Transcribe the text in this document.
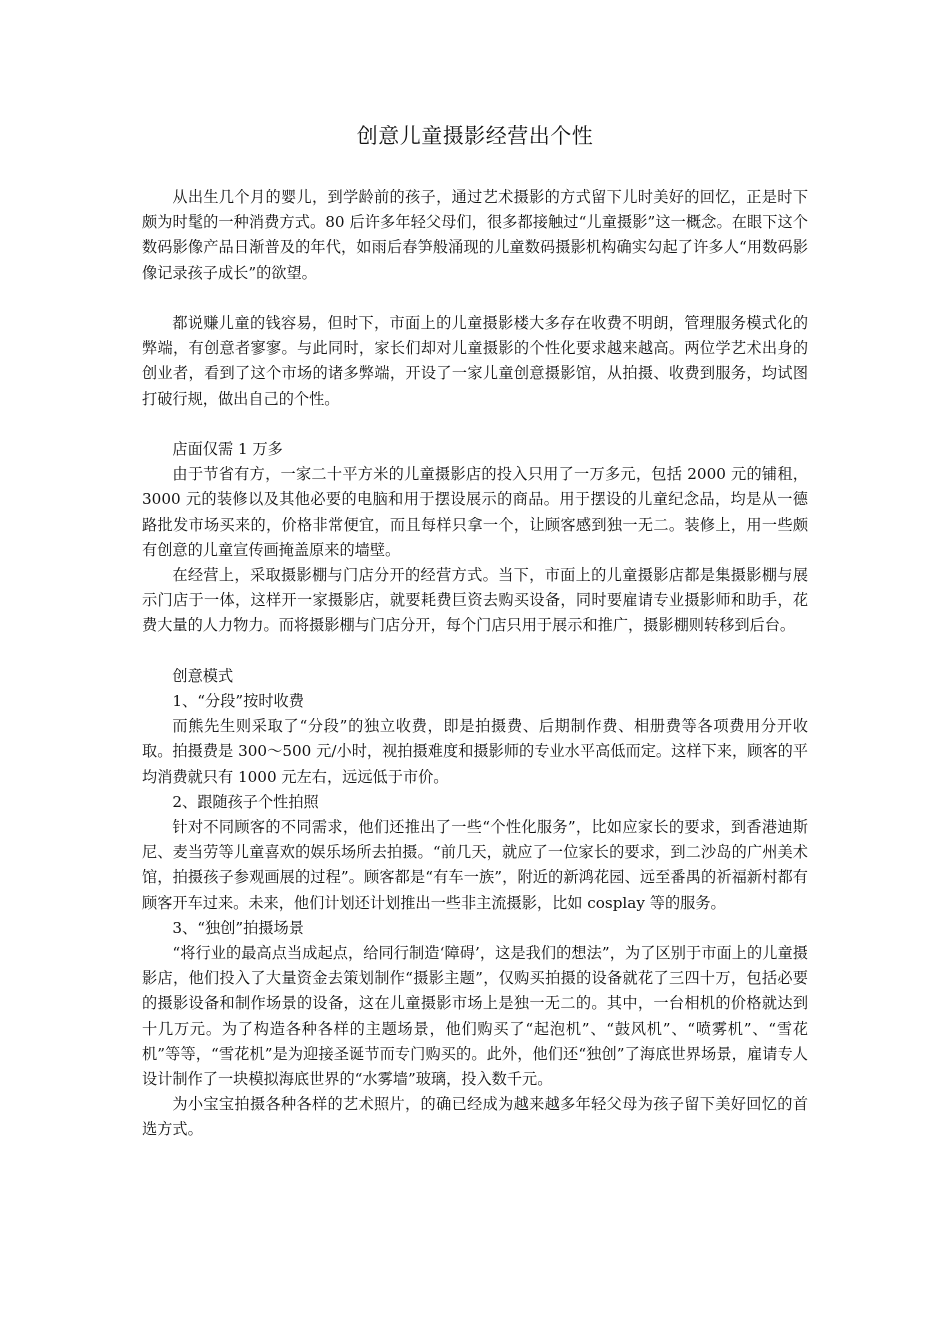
创意儿童摄影经营出个性

从出生几个月的婴儿，到学龄前的孩子，通过艺术摄影的方式留下儿时美好的回忆，正是时下颇为时髦的一种消费方式。80 后许多年轻父母们，很多都接触过“儿童摄影”这一概念。在眼下这个数码影像产品日渐普及的年代，如雨后春笋般涌现的儿童数码摄影机构确实勾起了许多人“用数码影像记录孩子成长”的欲望。

都说赚儿童的钱容易，但时下，市面上的儿童摄影楼大多存在收费不明朗，管理服务模式化的弊端，有创意者寥寥。与此同时，家长们却对儿童摄影的个性化要求越来越高。两位学艺术出身的创业者，看到了这个市场的诸多弊端，开设了一家儿童创意摄影馆，从拍摄、收费到服务，均试图打破行规，做出自己的个性。

店面仅需 1 万多

由于节省有方，一家二十平方米的儿童摄影店的投入只用了一万多元，包括 2000 元的铺租，3000 元的装修以及其他必要的电脑和用于摆设展示的商品。用于摆设的儿童纪念品，均是从一德路批发市场买来的，价格非常便宜，而且每样只拿一个，让顾客感到独一无二。装修上，用一些颇有创意的儿童宣传画掩盖原来的墙壁。

在经营上，采取摄影棚与门店分开的经营方式。当下，市面上的儿童摄影店都是集摄影棚与展示门店于一体，这样开一家摄影店，就要耗费巨资去购买设备，同时要雇请专业摄影师和助手，花费大量的人力物力。而将摄影棚与门店分开，每个门店只用于展示和推广，摄影棚则转移到后台。

创意模式

1、“分段”按时收费

而熊先生则采取了“分段”的独立收费，即是拍摄费、后期制作费、相册费等各项费用分开收取。拍摄费是 300～500 元/小时，视拍摄难度和摄影师的专业水平高低而定。这样下来，顾客的平均消费就只有 1000 元左右，远远低于市价。

2、跟随孩子个性拍照

针对不同顾客的不同需求，他们还推出了一些“个性化服务”，比如应家长的要求，到香港迪斯尼、麦当劳等儿童喜欢的娱乐场所去拍摄。“前几天，就应了一位家长的要求，到二沙岛的广州美术馆，拍摄孩子参观画展的过程”。顾客都是“有车一族”，附近的新鸿花园、远至番禺的祈福新村都有顾客开车过来。未来，他们计划还计划推出一些非主流摄影，比如 cosplay 等的服务。

3、“独创”拍摄场景

“将行业的最高点当成起点，给同行制造‘障碍’，这是我们的想法”，为了区别于市面上的儿童摄影店，他们投入了大量资金去策划制作“摄影主题”，仅购买拍摄的设备就花了三四十万，包括必要的摄影设备和制作场景的设备，这在儿童摄影市场上是独一无二的。其中，一台相机的价格就达到十几万元。为了构造各种各样的主题场景，他们购买了“起泡机”、“鼓风机”、“喷雾机”、“雪花机”等等，“雪花机”是为迎接圣诞节而专门购买的。此外，他们还“独创”了海底世界场景，雇请专人设计制作了一块模拟海底世界的“水雾墙”玻璃，投入数千元。

为小宝宝拍摄各种各样的艺术照片，的确已经成为越来越多年轻父母为孩子留下美好回忆的首选方式。
